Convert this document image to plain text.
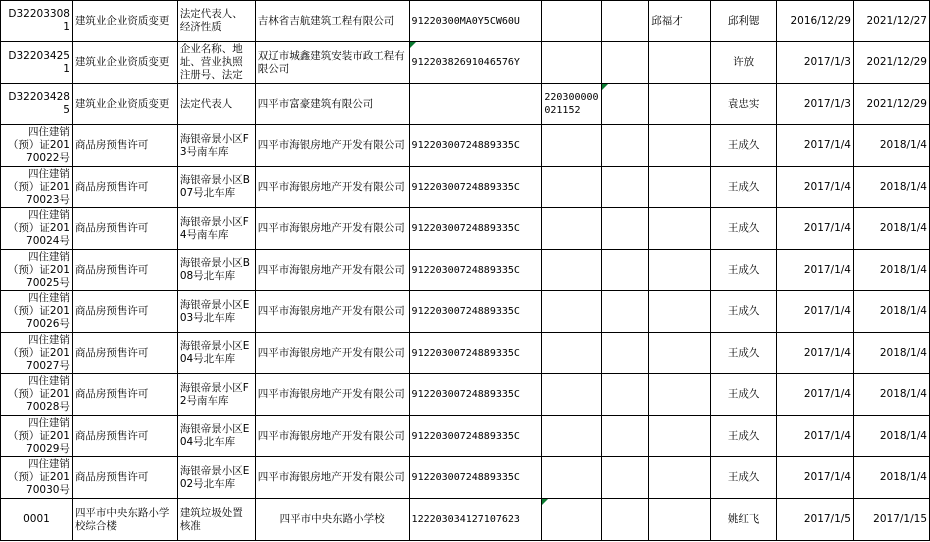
D322033081	建筑业企业资质变更	法定代表人、经济性质	吉林省吉航建筑工程有限公司	91220300MA0Y5CW60U			邱福才	邱利锶	2016/12/29	2021/12/27
D322034251	建筑业企业资质变更	企业名称、地址、营业执照注册号、法定	双辽市城鑫建筑安装市政工程有限公司	91220382691046576Y				许放	2017/1/3	2021/12/29
D322034285	建筑业企业资质变更	法定代表人	四平市富豪建筑有限公司		220300000021152			袁忠实	2017/1/3	2021/12/29
四住建销（预）证20170022号	商品房预售许可	海银帝景小区F3号南车库	四平市海银房地产开发有限公司	91220300724889335C				王成久	2017/1/4	2018/1/4
四住建销（预）证20170023号	商品房预售许可	海银帝景小区B07号北车库	四平市海银房地产开发有限公司	91220300724889335C				王成久	2017/1/4	2018/1/4
四住建销（预）证20170024号	商品房预售许可	海银帝景小区F4号南车库	四平市海银房地产开发有限公司	91220300724889335C				王成久	2017/1/4	2018/1/4
四住建销（预）证20170025号	商品房预售许可	海银帝景小区B08号北车库	四平市海银房地产开发有限公司	91220300724889335C				王成久	2017/1/4	2018/1/4
四住建销（预）证20170026号	商品房预售许可	海银帝景小区E03号北车库	四平市海银房地产开发有限公司	91220300724889335C				王成久	2017/1/4	2018/1/4
四住建销（预）证20170027号	商品房预售许可	海银帝景小区E04号北车库	四平市海银房地产开发有限公司	91220300724889335C				王成久	2017/1/4	2018/1/4
四住建销（预）证20170028号	商品房预售许可	海银帝景小区F2号南车库	四平市海银房地产开发有限公司	91220300724889335C				王成久	2017/1/4	2018/1/4
四住建销（预）证20170029号	商品房预售许可	海银帝景小区E04号北车库	四平市海银房地产开发有限公司	91220300724889335C				王成久	2017/1/4	2018/1/4
四住建销（预）证20170030号	商品房预售许可	海银帝景小区E02号北车库	四平市海银房地产开发有限公司	91220300724889335C				王成久	2017/1/4	2018/1/4
0001	四平市中央东路小学校综合楼	建筑垃圾处置核准	四平市中央东路小学校	12220303412710762З				姚红飞	2017/1/5	2017/1/15
